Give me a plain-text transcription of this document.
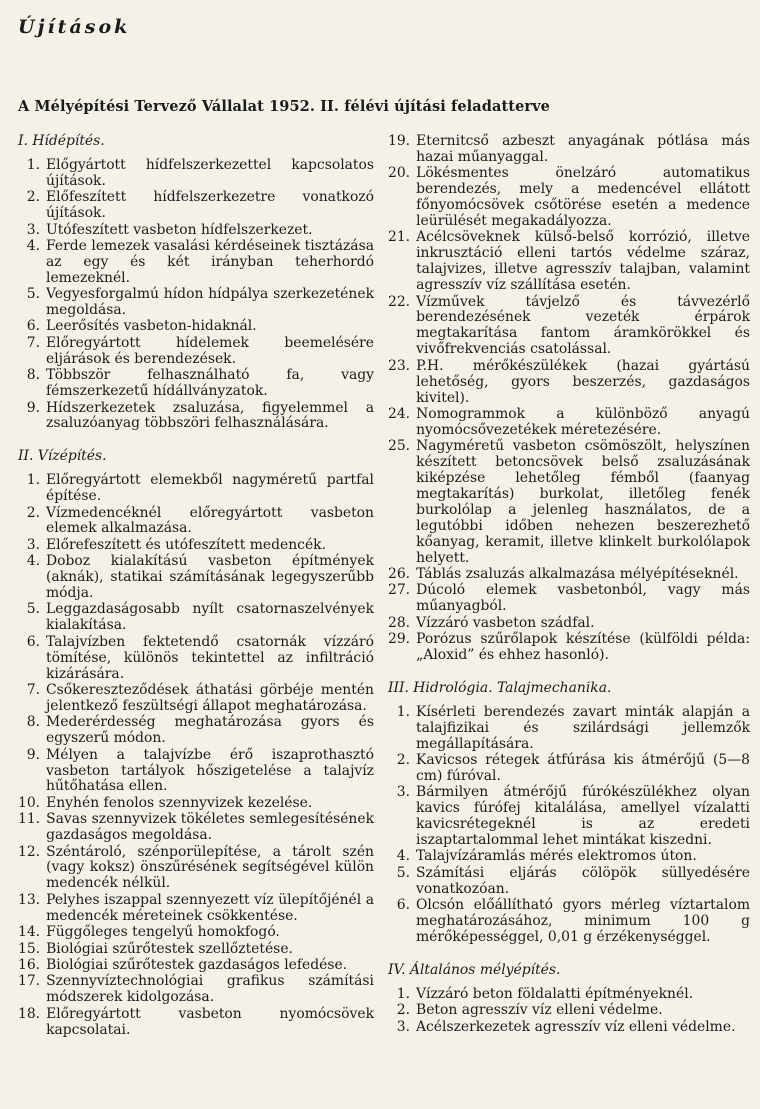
Újítások
A Mélyépítési Tervező Vállalat 1952. II. félévi újítási feladatterve
I. Hídépítés.
1. Előgyártott hídfelszerkezettel kapcsolatos újítások.
2. Előfeszített hídfelszerkezetre vonatkozó újítások.
3. Utófeszített vasbeton hídfelszerkezet.
4. Ferde lemezek vasalási kérdéseinek tisztázása az egy és két irányban teherhordó lemezeknél.
5. Vegyesforgalmú hídon hídpálya szerkezetének megoldása.
6. Leerősítés vasbeton-hidaknál.
7. Előregyártott hídelemek beemelésére eljárások és berendezések.
8. Többször felhasználható fa, vagy fémszerkezetű hídállványzatok.
9. Hídszerkezetek zsaluzása, figyelemmel a zsaluzóanyag többszöri felhasználására.
II. Vízépítés.
1. Előregyártott elemekből nagyméretű partfal építése.
2. Vízmedencéknél előregyártott vasbeton elemek alkalmazása.
3. Előrefeszített és utófeszített medencék.
4. Doboz kialakítású vasbeton építmények (aknák), statikai számításának legegyszerűbb módja.
5. Leggazdaságosabb nyílt csatornaszelvények kialakítása.
6. Talajvízben fektetendő csatornák vízzáró tömítése, különös tekintettel az infiltráció kizárására.
7. Csőkereszteződések áthatási görbéje mentén jelentkező feszültségi állapot meghatározása.
8. Mederérdesség meghatározása gyors és egyszerű módon.
9. Mélyen a talajvízbe érő iszaprothasztó vasbeton tartályok hőszigetelése a talajvíz hűtőhatása ellen.
10. Enyhén fenolos szennyvizek kezelése.
11. Savas szennyvizek tökéletes semlegesítésének gazdaságos megoldása.
12. Széntároló, szénporülepítése, a tárolt szén (vagy koksz) önszűrésének segítségével külön medencék nélkül.
13. Pelyhes iszappal szennyezett víz ülepítőjénél a medencék méreteinek csökkentése.
14. Függőleges tengelyű homokfogó.
15. Biológiai szűrőtestek szellőztetése.
16. Biológiai szűrőtestek gazdaságos lefedése.
17. Szennyvíztechnológiai grafikus számítási módszerek kidolgozása.
18. Előregyártott vasbeton nyomócsövek kapcsolatai.
19. Eternitcső azbeszt anyagának pótlása más hazai műanyaggal.
20. Lökésmentes önelzáró automatikus berendezés, mely a medencével ellátott főnyomócsövek csőtörése esetén a medence leürülését megakadályozza.
21. Acélcsöveknek külső-belső korrózió, illetve inkrusztáció elleni tartós védelme száraz, talajvizes, illetve agresszív talajban, valamint agresszív víz szállítása esetén.
22. Vízművek távjelző és távvezérlő berendezésének vezeték érpárok megtakarítása fantom áramkörökkel és vivőfrekvenciás csatolással.
23. P.H. mérőkészülékek (hazai gyártású lehetőség, gyors beszerzés, gazdaságos kivitel).
24. Nomogrammok a különböző anyagú nyomócsővezetékek méretezésére.
25. Nagyméretű vasbeton csömöszölt, helyszínen készített betoncsövek belső zsaluzásának kiképzése lehetőleg fémből (faanyag megtakarítás) burkolat, illetőleg fenék burkolólap a jelenleg használatos, de a legutóbbi időben nehezen beszerezhető kőanyag, keramit, illetve klinkelt burkolólapok helyett.
26. Táblás zsaluzás alkalmazása mélyépítéseknél.
27. Dúcoló elemek vasbetonból, vagy más műanyagból.
28. Vízzáró vasbeton szádfal.
29. Porózus szűrőlapok készítése (külföldi példa: „Aloxid” és ehhez hasonló).
III. Hidrológia. Talajmechanika.
1. Kísérleti berendezés zavart minták alapján a talajfizikai és szilárdsági jellemzők megállapítására.
2. Kavicsos rétegek átfúrása kis átmérőjű (5—8 cm) fúróval.
3. Bármilyen átmérőjű fúrókészülékhez olyan kavics fúrófej kitalálása, amellyel vízalatti kavicsrétegeknél is az eredeti iszaptartalommal lehet mintákat kiszedni.
4. Talajvízáramlás mérés elektromos úton.
5. Számítási eljárás cölöpök süllyedésére vonatkozóan.
6. Olcsón előállítható gyors mérleg víztartalom meghatározásához, minimum 100 g mérőképességgel, 0,01 g érzékenységgel.
IV. Általános mélyépítés.
1. Vízzáró beton földalatti építményeknél.
2. Beton agresszív víz elleni védelme.
3. Acélszerkezetek agresszív víz elleni védelme.
